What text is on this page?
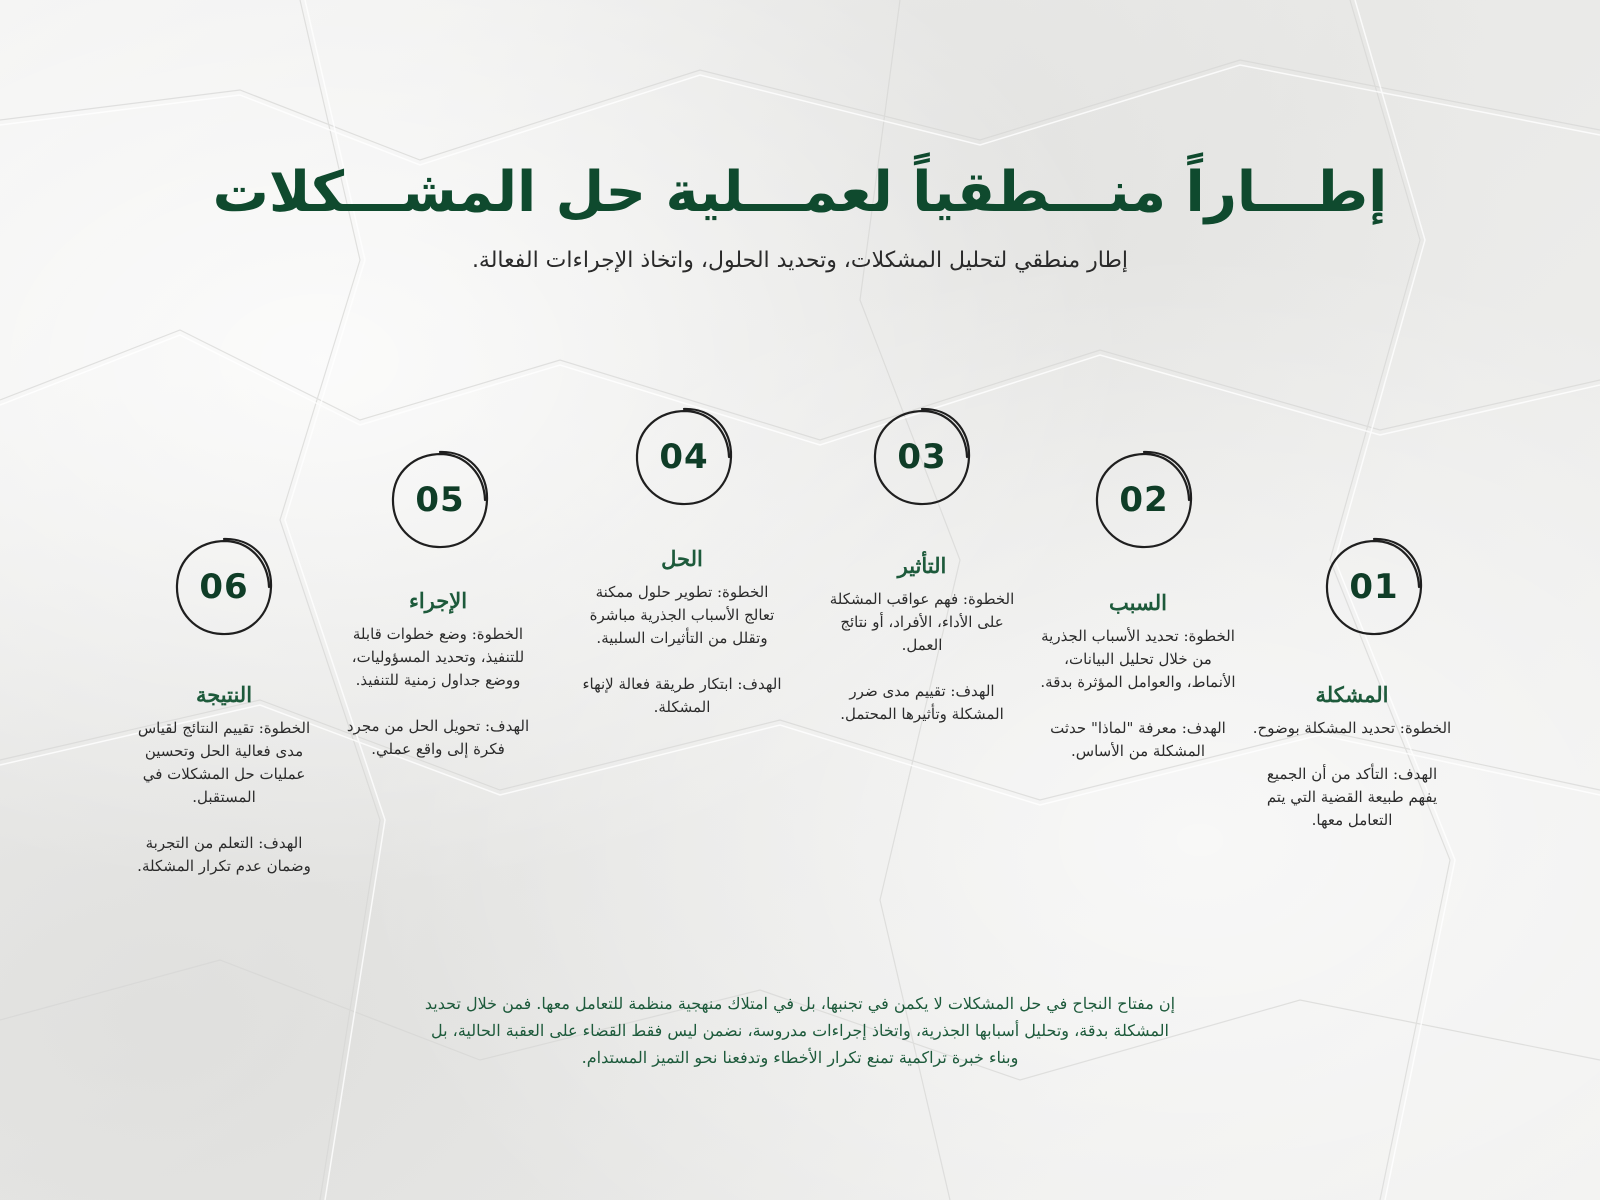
إطـــاراً منـــطقياً لعمـــلية حل المشـــكلات

إطار منطقي لتحليل المشكلات، وتحديد الحلول، واتخاذ الإجراءات الفعالة.

01
المشكلة

الخطوة: تحديد المشكلة بوضوح.

الهدف: التأكد من أن الجميع يفهم طبيعة القضية التي يتم التعامل معها.

02
السبب

الخطوة: تحديد الأسباب الجذرية من خلال تحليل البيانات، الأنماط، والعوامل المؤثرة بدقة.

الهدف: معرفة "لماذا" حدثت المشكلة من الأساس.

03
التأثير

الخطوة: فهم عواقب المشكلة على الأداء، الأفراد، أو نتائج العمل.

الهدف: تقييم مدى ضرر المشكلة وتأثيرها المحتمل.

04
الحل

الخطوة: تطوير حلول ممكنة تعالج الأسباب الجذرية مباشرة وتقلل من التأثيرات السلبية.

الهدف: ابتكار طريقة فعالة لإنهاء المشكلة.

05
الإجراء

الخطوة: وضع خطوات قابلة للتنفيذ، وتحديد المسؤوليات، ووضع جداول زمنية للتنفيذ.

الهدف: تحويل الحل من مجرد فكرة إلى واقع عملي.

06
النتيجة

الخطوة: تقييم النتائج لقياس مدى فعالية الحل وتحسين عمليات حل المشكلات في المستقبل.

الهدف: التعلم من التجربة وضمان عدم تكرار المشكلة.

إن مفتاح النجاح في حل المشكلات لا يكمن في تجنبها، بل في امتلاك منهجية منظمة للتعامل معها. فمن خلال تحديد المشكلة بدقة، وتحليل أسبابها الجذرية، واتخاذ إجراءات مدروسة، نضمن ليس فقط القضاء على العقبة الحالية، بل وبناء خبرة تراكمية تمنع تكرار الأخطاء وتدفعنا نحو التميز المستدام.
